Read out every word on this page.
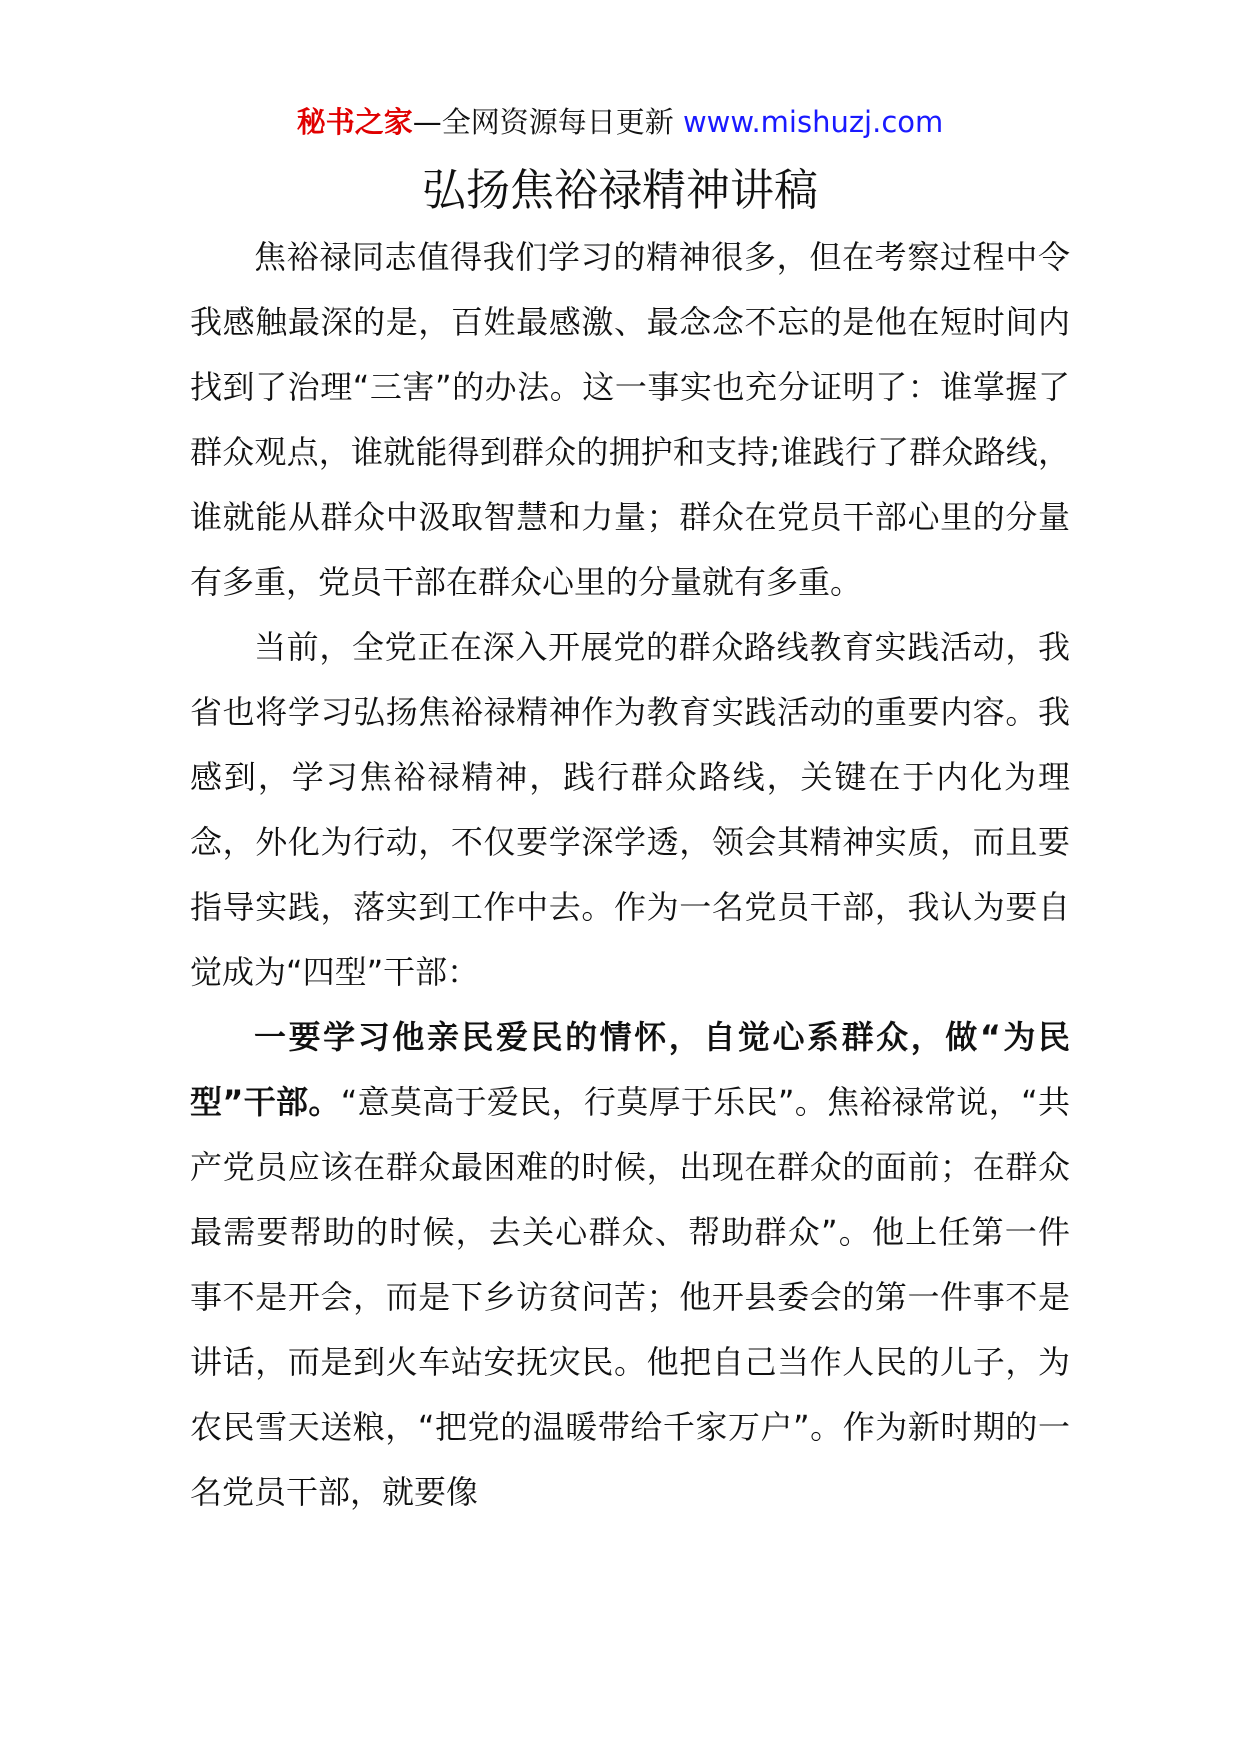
秘书之家—全网资源每日更新 www.mishuzj.com
弘扬焦裕禄精神讲稿

焦裕禄同志值得我们学习的精神很多，但在考察过程中令我感触最深的是，百姓最感激、最念念不忘的是他在短时间内找到了治理“三害”的办法。这一事实也充分证明了：谁掌握了群众观点，谁就能得到群众的拥护和支持;谁践行了群众路线，谁就能从群众中汲取智慧和力量；群众在党员干部心里的分量有多重，党员干部在群众心里的分量就有多重。

当前，全党正在深入开展党的群众路线教育实践活动，我省也将学习弘扬焦裕禄精神作为教育实践活动的重要内容。我感到，学习焦裕禄精神，践行群众路线，关键在于内化为理念，外化为行动，不仅要学深学透，领会其精神实质，而且要指导实践，落实到工作中去。作为一名党员干部，我认为要自觉成为“四型”干部：

一要学习他亲民爱民的情怀，自觉心系群众，做“为民型”干部。“意莫高于爱民，行莫厚于乐民”。焦裕禄常说，“共产党员应该在群众最困难的时候，出现在群众的面前；在群众最需要帮助的时候，去关心群众、帮助群众”。他上任第一件事不是开会，而是下乡访贫问苦；他开县委会的第一件事不是讲话，而是到火车站安抚灾民。他把自己当作人民的儿子，为农民雪天送粮，“把党的温暖带给千家万户”。作为新时期的一名党员干部，就要像
